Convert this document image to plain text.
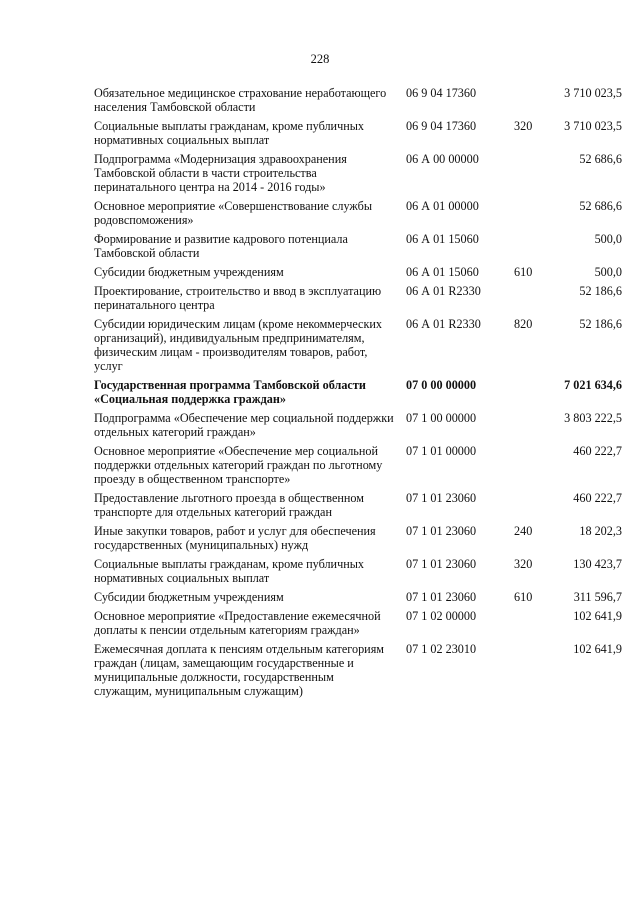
228
Обязательное медицинское страхование неработающего населения Тамбовской области	06 9 04 17360		3 710 023,5
Социальные выплаты гражданам, кроме публичных нормативных социальных выплат	06 9 04 17360	320	3 710 023,5
Подпрограмма «Модернизация здравоохранения Тамбовской области в части строительства перинатального центра на 2014 - 2016 годы»	06 А 00 00000		52 686,6
Основное мероприятие «Совершенствование службы родовспоможения»	06 А 01 00000		52 686,6
Формирование и развитие кадрового потенциала Тамбовской области	06 А 01 15060		500,0
Субсидии бюджетным учреждениям	06 А 01 15060	610	500,0
Проектирование, строительство и ввод в эксплуатацию перинатального центра	06 А 01 R2330		52 186,6
Субсидии юридическим лицам (кроме некоммерческих организаций), индивидуальным предпринимателям, физическим лицам - производителям товаров, работ, услуг	06 А 01 R2330	820	52 186,6
Государственная программа Тамбовской области «Социальная поддержка граждан»	07 0 00 00000		7 021 634,6
Подпрограмма «Обеспечение мер социальной поддержки отдельных категорий граждан»	07 1 00 00000		3 803 222,5
Основное мероприятие «Обеспечение мер социальной поддержки отдельных категорий граждан по льготному проезду в общественном транспорте»	07 1 01 00000		460 222,7
Предоставление льготного проезда в общественном транспорте для отдельных категорий граждан	07 1 01 23060		460 222,7
Иные закупки товаров, работ и услуг для обеспечения государственных (муниципальных) нужд	07 1 01 23060	240	18 202,3
Социальные выплаты гражданам, кроме публичных нормативных социальных выплат	07 1 01 23060	320	130 423,7
Субсидии бюджетным учреждениям	07 1 01 23060	610	311 596,7
Основное мероприятие «Предоставление ежемесячной доплаты к пенсии отдельным категориям граждан»	07 1 02 00000		102 641,9
Ежемесячная доплата к пенсиям отдельным категориям граждан (лицам, замещающим государственные и муниципальные должности, государственным служащим, муниципальным служащим)	07 1 02 23010		102 641,9
